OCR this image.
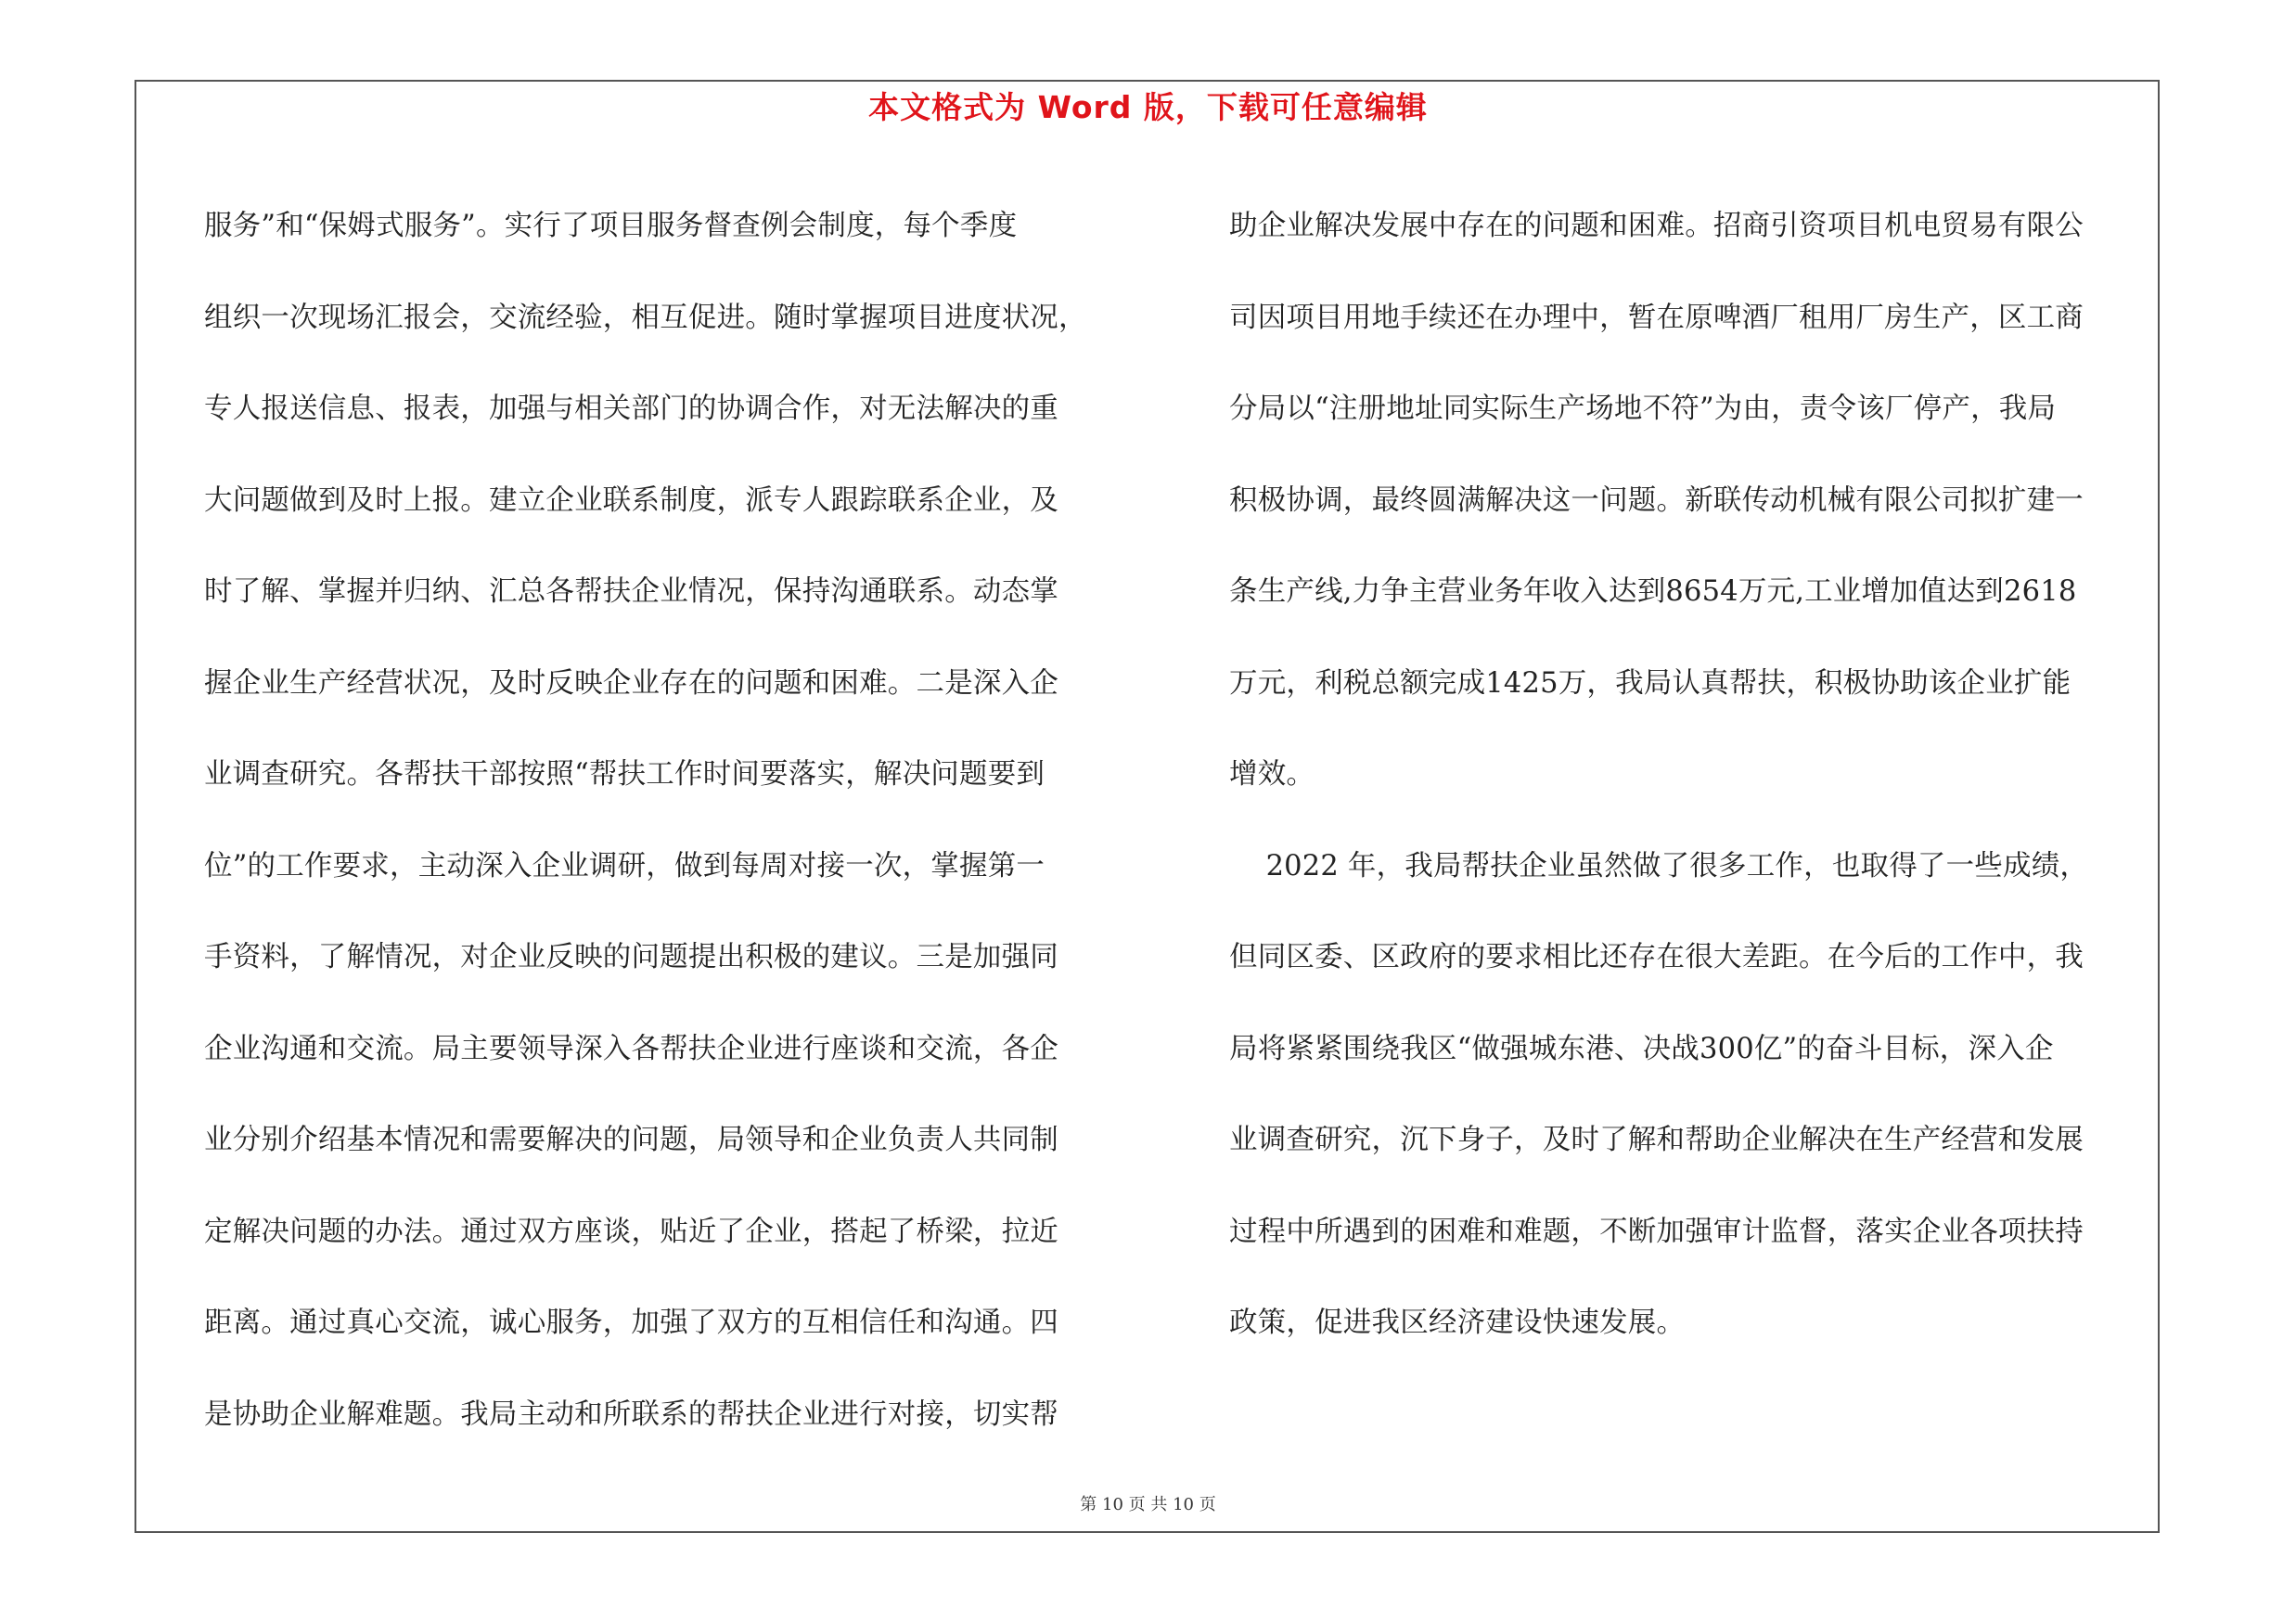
本文格式为 Word 版，下载可任意编辑
服务”和“保姆式服务”。实行了项目服务督查例会制度，每个季度
组织一次现场汇报会，交流经验，相互促进。随时掌握项目进度状况，
专人报送信息、报表，加强与相关部门的协调合作，对无法解决的重
大问题做到及时上报。建立企业联系制度，派专人跟踪联系企业，及
时了解、掌握并归纳、汇总各帮扶企业情况，保持沟通联系。动态掌
握企业生产经营状况，及时反映企业存在的问题和困难。二是深入企
业调查研究。各帮扶干部按照“帮扶工作时间要落实，解决问题要到
位”的工作要求，主动深入企业调研，做到每周对接一次，掌握第一
手资料，了解情况，对企业反映的问题提出积极的建议。三是加强同
企业沟通和交流。局主要领导深入各帮扶企业进行座谈和交流，各企
业分别介绍基本情况和需要解决的问题，局领导和企业负责人共同制
定解决问题的办法。通过双方座谈，贴近了企业，搭起了桥梁，拉近
距离。通过真心交流，诚心服务，加强了双方的互相信任和沟通。四
是协助企业解难题。我局主动和所联系的帮扶企业进行对接，切实帮
助企业解决发展中存在的问题和困难。招商引资项目机电贸易有限公
司因项目用地手续还在办理中，暂在原啤酒厂租用厂房生产，区工商
分局以“注册地址同实际生产场地不符”为由，责令该厂停产，我局
积极协调，最终圆满解决这一问题。新联传动机械有限公司拟扩建一
条生产线,力争主营业务年收入达到8654万元,工业增加值达到2618
万元，利税总额完成1425万，我局认真帮扶，积极协助该企业扩能
增效。
2022 年，我局帮扶企业虽然做了很多工作，也取得了一些成绩，
但同区委、区政府的要求相比还存在很大差距。在今后的工作中，我
局将紧紧围绕我区“做强城东港、决战300亿”的奋斗目标，深入企
业调查研究，沉下身子，及时了解和帮助企业解决在生产经营和发展
过程中所遇到的困难和难题，不断加强审计监督，落实企业各项扶持
政策，促进我区经济建设快速发展。
第 10 页 共 10 页
